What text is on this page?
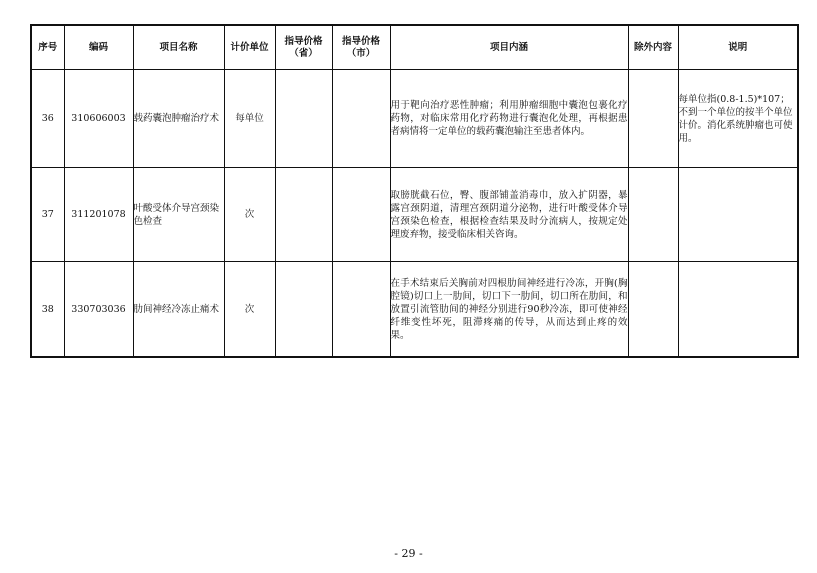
序号	编码	项目名称	计价单位	指导价格（省）	指导价格（市）	项目内涵	除外内容	说明
36	310606003	载药囊泡肿瘤治疗术	每单位			用于靶向治疗恶性肿瘤；利用肿瘤细胞中囊泡包裹化疗药物，对临床常用化疗药物进行囊泡化处理，再根据患者病情将一定单位的载药囊泡输注至患者体内。		每单位指(0.8-1.5)*107； 不到一个单位的按半个单位计价。消化系统肿瘤也可使用。
37	311201078	叶酸受体介导宫颈染色检查	次			取膀胱截石位，臀、腹部铺盖消毒巾，放入扩阴器，暴露宫颈阴道，清理宫颈阴道分泌物，进行叶酸受体介导宫颈染色检查，根据检查结果及时分流病人，按规定处理废弃物，接受临床相关咨询。		
38	330703036	肋间神经冷冻止痛术	次			在手术结束后关胸前对四根肋间神经进行冷冻，开胸(胸腔镜)切口上一肋间，切口下一肋间，切口所在肋间，和放置引流管肋间的神经分别进行90秒冷冻，即可使神经纤维变性坏死，阻滞疼痛的传导，从而达到止疼的效果。		
- 29 -
